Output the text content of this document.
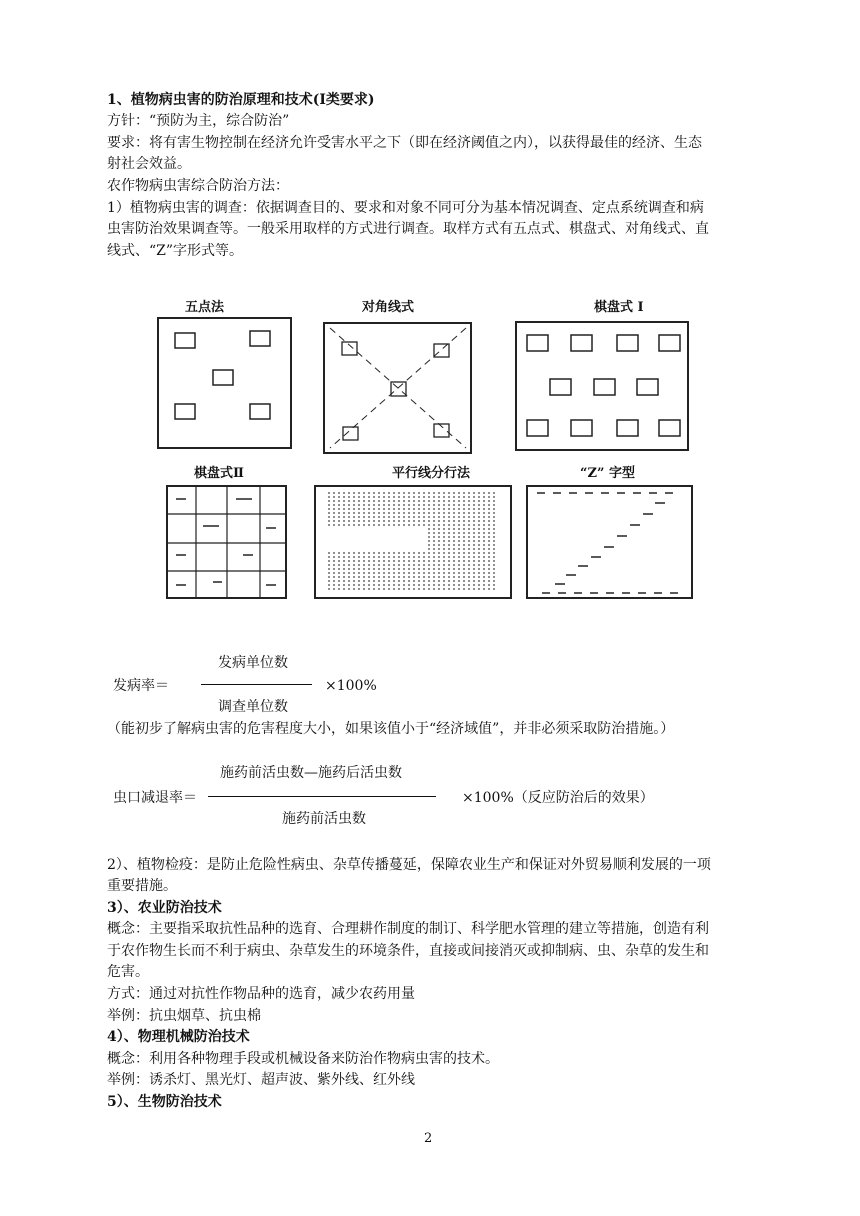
1、植物病虫害的防治原理和技术(I类要求)
方针：“预防为主，综合防治”
要求：将有害生物控制在经济允许受害水平之下（即在经济阈值之内），以获得最佳的经济、生态
射社会效益。
农作物病虫害综合防治方法：
1）植物病虫害的调查：依据调查目的、要求和对象不同可分为基本情况调查、定点系统调查和病
虫害防治效果调查等。一般采用取样的方式进行调查。取样方式有五点式、棋盘式、对角线式、直
线式、“Z”字形式等。
五点法	对角线式	棋盘式 I
棋盘式Ⅱ	平行线分行法	“Z” 字型
发病单位数
发病率＝	×100%
调查单位数
（能初步了解病虫害的危害程度大小，如果该值小于“经济域值”，并非必须采取防治措施。）
施药前活虫数—施药后活虫数
虫口减退率＝	×100%（反应防治后的效果）
施药前活虫数
2）、植物检疫：是防止危险性病虫、杂草传播蔓延，保障农业生产和保证对外贸易顺利发展的一项
重要措施。
3）、农业防治技术
概念：主要指采取抗性品种的选育、合理耕作制度的制订、科学肥水管理的建立等措施，创造有利
于农作物生长而不利于病虫、杂草发生的环境条件，直接或间接消灭或抑制病、虫、杂草的发生和
危害。
方式：通过对抗性作物品种的选育，减少农药用量
举例：抗虫烟草、抗虫棉
4）、物理机械防治技术
概念：利用各种物理手段或机械设备来防治作物病虫害的技术。
举例：诱杀灯、黑光灯、超声波、紫外线、红外线
5）、生物防治技术
2
